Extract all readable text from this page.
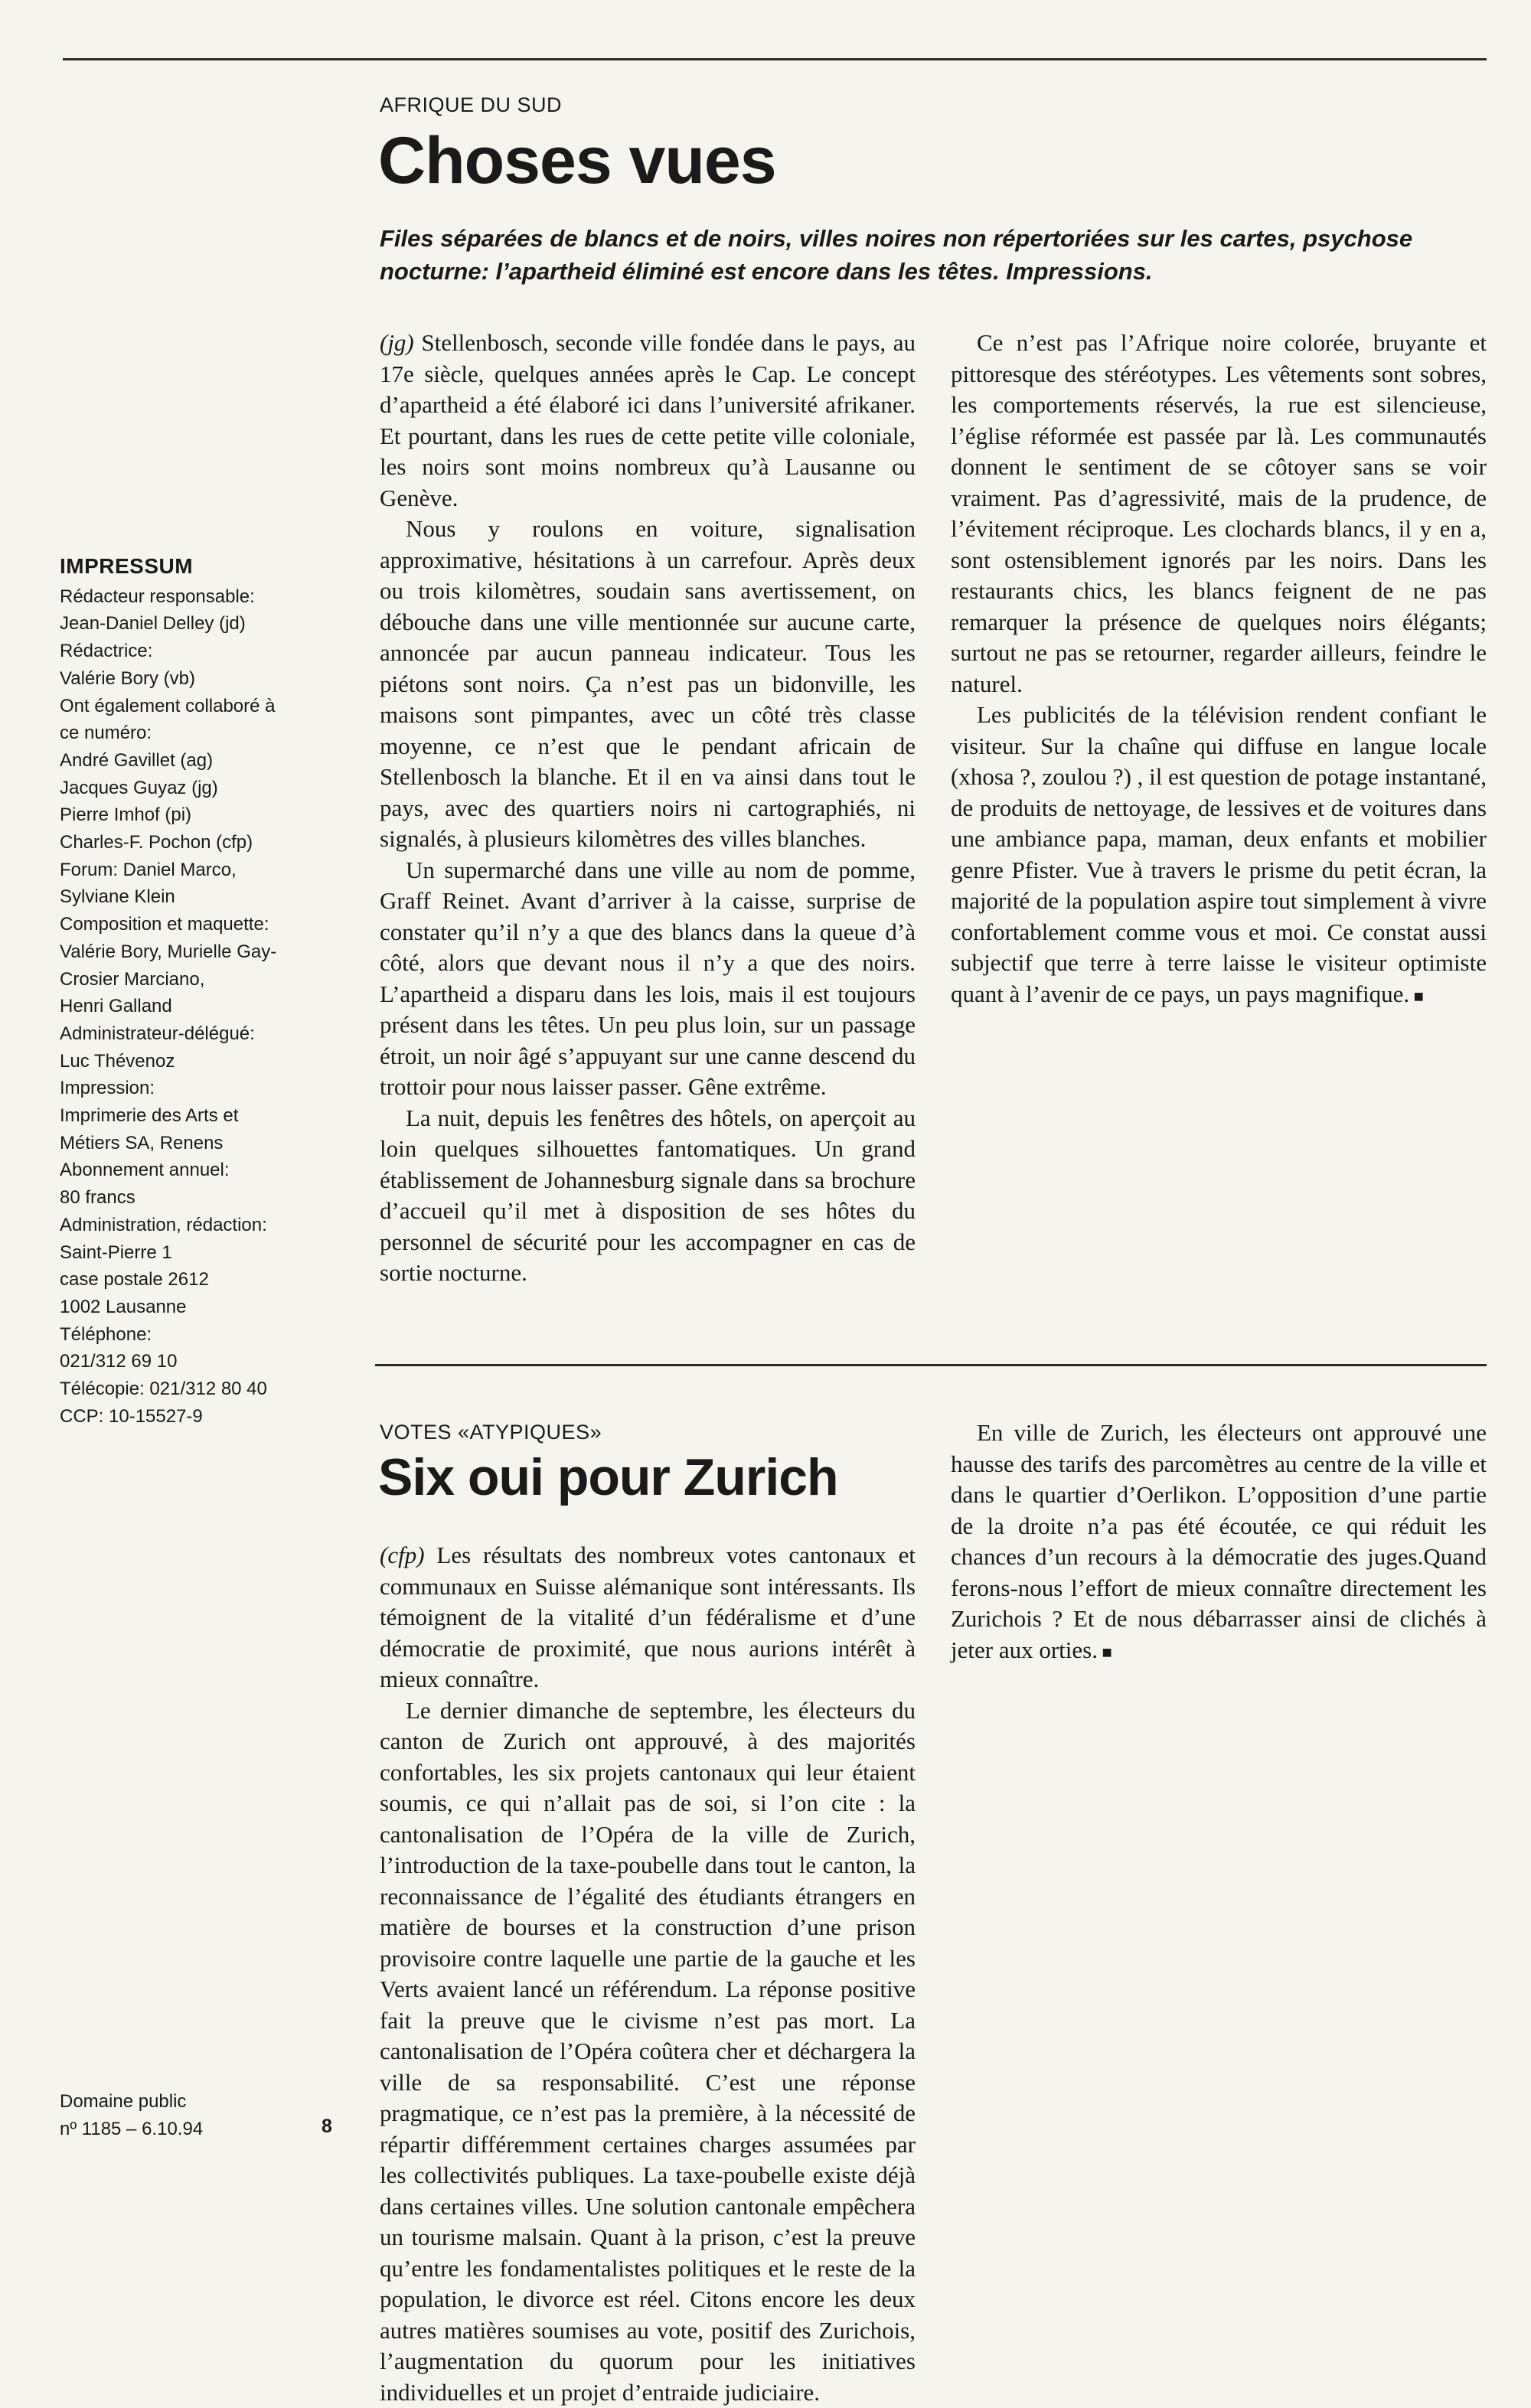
AFRIQUE DU SUD
Choses vues
Files séparées de blancs et de noirs, villes noires non répertoriées sur les cartes, psychose nocturne: l’apartheid éliminé est encore dans les têtes. Impressions.

(jg) Stellenbosch, seconde ville fondée dans le pays, au 17e siècle, quelques années après le Cap. Le concept d’apartheid a été élaboré ici dans l’université afrikaner. Et pourtant, dans les rues de cette petite ville coloniale, les noirs sont moins nombreux qu’à Lausanne ou Genève.

Nous y roulons en voiture, signalisation approximative, hésitations à un carrefour. Après deux ou trois kilomètres, soudain sans avertissement, on débouche dans une ville mentionnée sur aucune carte, annoncée par aucun panneau indicateur. Tous les piétons sont noirs. Ça n’est pas un bidonville, les maisons sont pimpantes, avec un côté très classe moyenne, ce n’est que le pendant africain de Stellenbosch la blanche. Et il en va ainsi dans tout le pays, avec des quartiers noirs ni cartographiés, ni signalés, à plusieurs kilomètres des villes blanches.

Un supermarché dans une ville au nom de pomme, Graff Reinet. Avant d’arriver à la caisse, surprise de constater qu’il n’y a que des blancs dans la queue d’à côté, alors que devant nous il n’y a que des noirs. L’apartheid a disparu dans les lois, mais il est toujours présent dans les têtes. Un peu plus loin, sur un passage étroit, un noir âgé s’appuyant sur une canne descend du trottoir pour nous laisser passer. Gêne extrême.

La nuit, depuis les fenêtres des hôtels, on aperçoit au loin quelques silhouettes fantomatiques. Un grand établissement de Johannesburg signale dans sa brochure d’accueil qu’il met à disposition de ses hôtes du personnel de sécurité pour les accompagner en cas de sortie nocturne.

Ce n’est pas l’Afrique noire colorée, bruyante et pittoresque des stéréotypes. Les vêtements sont sobres, les comportements réservés, la rue est silencieuse, l’église réformée est passée par là. Les communautés donnent le sentiment de se côtoyer sans se voir vraiment. Pas d’agressivité, mais de la prudence, de l’évitement réciproque. Les clochards blancs, il y en a, sont ostensiblement ignorés par les noirs. Dans les restaurants chics, les blancs feignent de ne pas remarquer la présence de quelques noirs élégants; surtout ne pas se retourner, regarder ailleurs, feindre le naturel.

Les publicités de la télévision rendent confiant le visiteur. Sur la chaîne qui diffuse en langue locale (xhosa ?, zoulou ?) , il est question de potage instantané, de produits de nettoyage, de lessives et de voitures dans une ambiance papa, maman, deux enfants et mobilier genre Pfister. Vue à travers le prisme du petit écran, la majorité de la population aspire tout simplement à vivre confortablement comme vous et moi. Ce constat aussi subjectif que terre à terre laisse le visiteur optimiste quant à l’avenir de ce pays, un pays magnifique. ■

IMPRESSUM
Rédacteur responsable:
Jean-Daniel Delley (jd)
Rédactrice:
Valérie Bory (vb)
Ont également collaboré à
ce numéro:
André Gavillet (ag)
Jacques Guyaz (jg)
Pierre Imhof (pi)
Charles-F. Pochon (cfp)
Forum: Daniel Marco,
Sylviane Klein
Composition et maquette:
Valérie Bory, Murielle Gay-
Crosier Marciano,
Henri Galland
Administrateur-délégué:
Luc Thévenoz
Impression:
Imprimerie des Arts et
Métiers SA, Renens
Abonnement annuel:
80 francs
Administration, rédaction:
Saint-Pierre 1
case postale 2612
1002 Lausanne
Téléphone:
021/312 69 10
Télécopie: 021/312 80 40
CCP: 10-15527-9
VOTES «ATYPIQUES»
Six oui pour Zurich

(cfp) Les résultats des nombreux votes cantonaux et communaux en Suisse alémanique sont intéressants. Ils témoignent de la vitalité d’un fédéralisme et d’une démocratie de proximité, que nous aurions intérêt à mieux connaître.

Le dernier dimanche de septembre, les électeurs du canton de Zurich ont approuvé, à des majorités confortables, les six projets cantonaux qui leur étaient soumis, ce qui n’allait pas de soi, si l’on cite : la cantonalisation de l’Opéra de la ville de Zurich, l’introduction de la taxe-poubelle dans tout le canton, la reconnaissance de l’égalité des étudiants étrangers en matière de bourses et la construction d’une prison provisoire contre laquelle une partie de la gauche et les Verts avaient lancé un référendum. La réponse positive fait la preuve que le civisme n’est pas mort. La cantonalisation de l’Opéra coûtera cher et déchargera la ville de sa responsabilité. C’est une réponse pragmatique, ce n’est pas la première, à la nécessité de répartir différemment certaines charges assumées par les collectivités publiques. La taxe-poubelle existe déjà dans certaines villes. Une solution cantonale empêchera un tourisme malsain. Quant à la prison, c’est la preuve qu’entre les fondamentalistes politiques et le reste de la population, le divorce est réel. Citons encore les deux autres matières soumises au vote, positif des Zurichois, l’augmentation du quorum pour les initiatives individuelles et un projet d’entraide judiciaire.

En ville de Zurich, les électeurs ont approuvé une hausse des tarifs des parcomètres au centre de la ville et dans le quartier d’Oerlikon. L’opposition d’une partie de la droite n’a pas été écoutée, ce qui réduit les chances d’un recours à la démocratie des juges.Quand ferons-nous l’effort de mieux connaître directement les Zurichois ? Et de nous débarrasser ainsi de clichés à jeter aux orties. ■

Domaine public
nº 1185 – 6.10.94	8
